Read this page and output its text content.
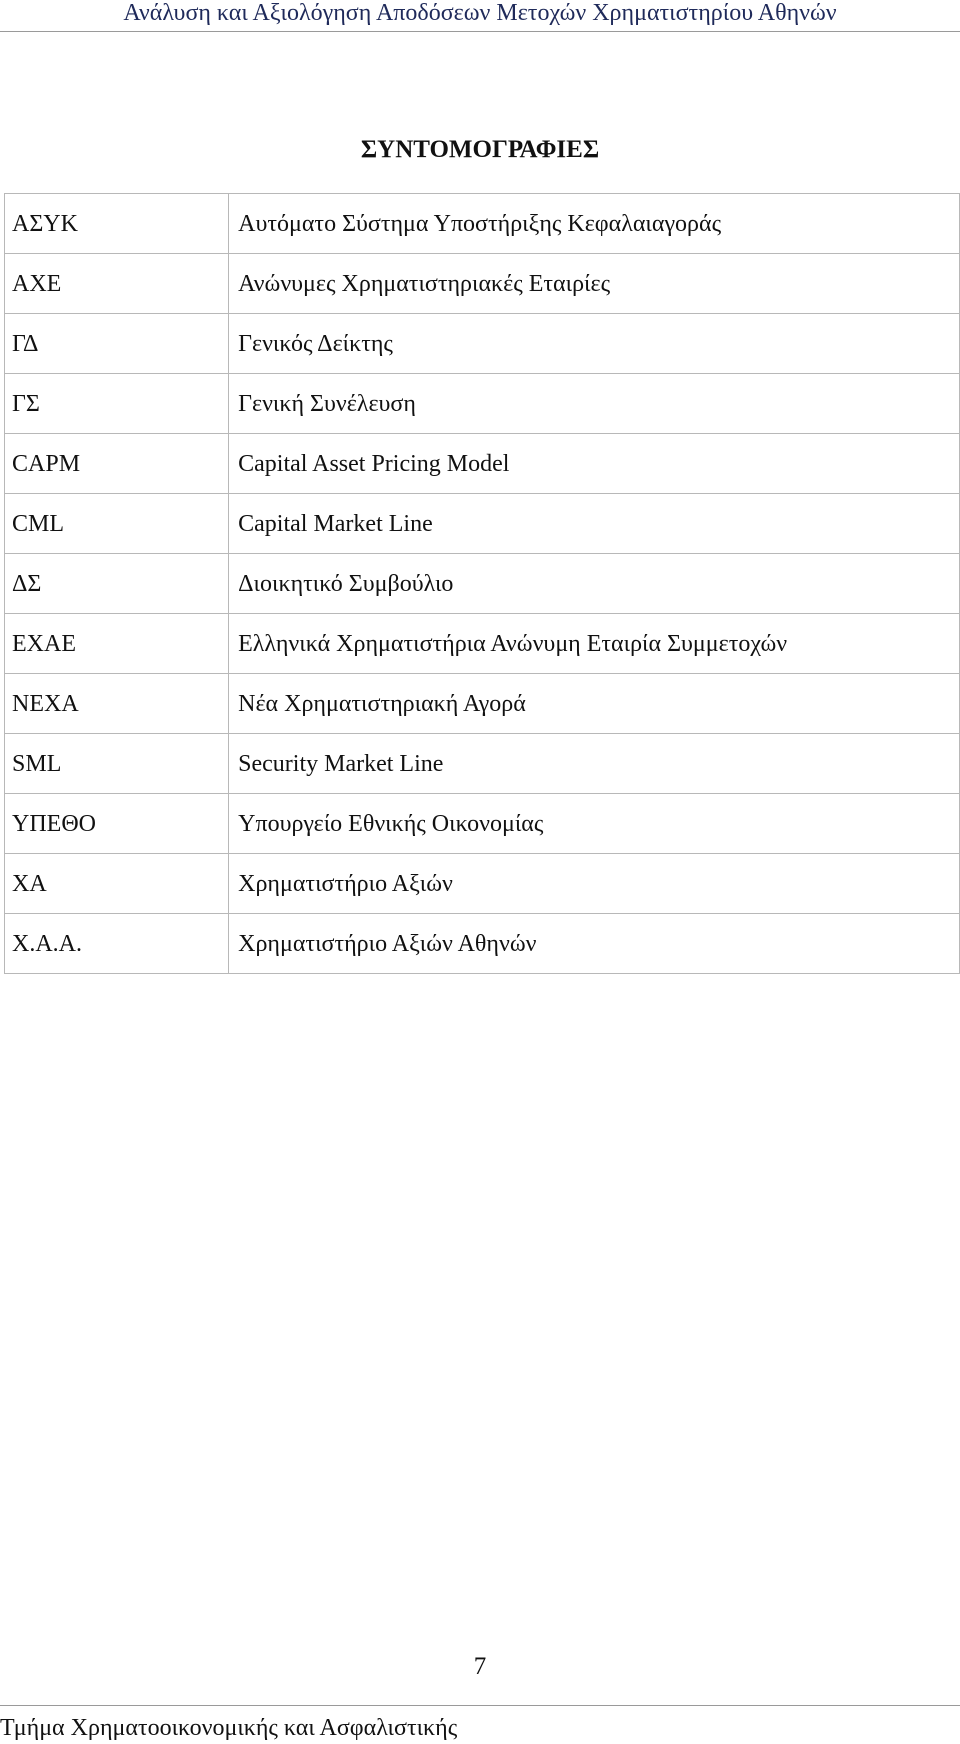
Ανάλυση και Αξιολόγηση Αποδόσεων Μετοχών Χρηματιστηρίου Αθηνών
ΣΥΝΤΟΜΟΓΡΑΦΙΕΣ
ΑΣΥΚ	Αυτόματο Σύστημα Υποστήριξης Κεφαλαιαγοράς
ΑΧΕ	Ανώνυμες Χρηματιστηριακές Εταιρίες
ΓΔ	Γενικός Δείκτης
ΓΣ	Γενική Συνέλευση
CAPM	Capital Asset Pricing Model
CML	Capital Market Line
ΔΣ	Διοικητικό Συμβούλιο
ΕΧΑΕ	Ελληνικά Χρηματιστήρια Ανώνυμη Εταιρία Συμμετοχών
ΝΕΧΑ	Νέα Χρηματιστηριακή Αγορά
SML	Security Market Line
ΥΠΕΘΟ	Υπουργείο Εθνικής Οικονομίας
ΧΑ	Χρηματιστήριο Αξιών
Χ.Α.Α.	Χρηματιστήριο Αξιών Αθηνών
7
Τμήμα Χρηματοοικονομικής και Ασφαλιστικής
